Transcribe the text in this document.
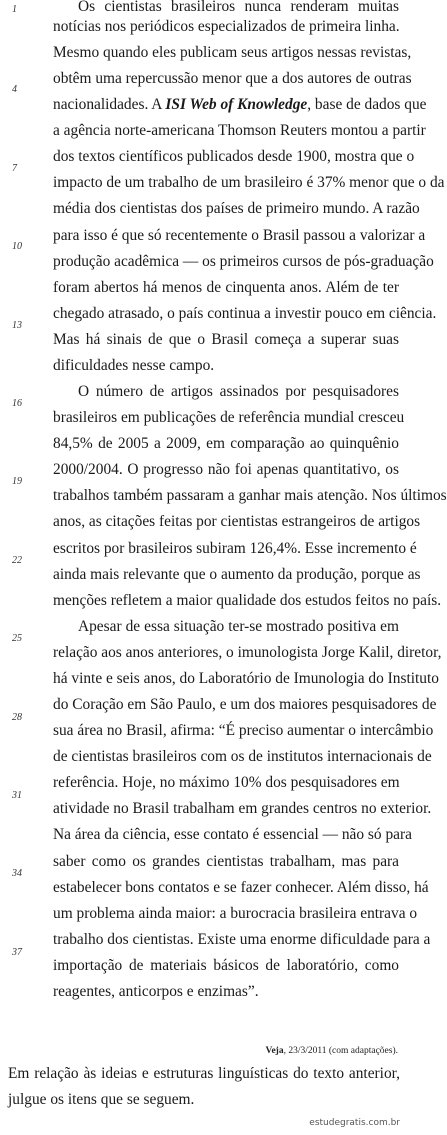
1
4
7
10
13
16
19
22
25
28
31
34
37
Os cientistas brasileiros nunca renderam muitas
notícias nos periódicos especializados de primeira linha.
Mesmo quando eles publicam seus artigos nessas revistas,
obtêm uma repercussão menor que a dos autores de outras
nacionalidades. A ISI Web of Knowledge, base de dados que
a agência norte-americana Thomson Reuters montou a partir
dos textos científicos publicados desde 1900, mostra que o
impacto de um trabalho de um brasileiro é 37% menor que o da
média dos cientistas dos países de primeiro mundo. A razão
para isso é que só recentemente o Brasil passou a valorizar a
produção acadêmica — os primeiros cursos de pós-graduação
foram abertos há menos de cinquenta anos. Além de ter
chegado atrasado, o país continua a investir pouco em ciência.
Mas há sinais de que o Brasil começa a superar suas
dificuldades nesse campo.
O número de artigos assinados por pesquisadores
brasileiros em publicações de referência mundial cresceu
84,5% de 2005 a 2009, em comparação ao quinquênio
2000/2004. O progresso não foi apenas quantitativo, os
trabalhos também passaram a ganhar mais atenção. Nos últimos
anos, as citações feitas por cientistas estrangeiros de artigos
escritos por brasileiros subiram 126,4%. Esse incremento é
ainda mais relevante que o aumento da produção, porque as
menções refletem a maior qualidade dos estudos feitos no país.
Apesar de essa situação ter-se mostrado positiva em
relação aos anos anteriores, o imunologista Jorge Kalil, diretor,
há vinte e seis anos, do Laboratório de Imunologia do Instituto
do Coração em São Paulo, e um dos maiores pesquisadores de
sua área no Brasil, afirma: “É preciso aumentar o intercâmbio
de cientistas brasileiros com os de institutos internacionais de
referência. Hoje, no máximo 10% dos pesquisadores em
atividade no Brasil trabalham em grandes centros no exterior.
Na área da ciência, esse contato é essencial — não só para
saber como os grandes cientistas trabalham, mas para
estabelecer bons contatos e se fazer conhecer. Além disso, há
um problema ainda maior: a burocracia brasileira entrava o
trabalho dos cientistas. Existe uma enorme dificuldade para a
importação de materiais básicos de laboratório, como
reagentes, anticorpos e enzimas”.
Veja, 23/3/2011 (com adaptações).
Em relação às ideias e estruturas linguísticas do texto anterior,
julgue os itens que se seguem.
estudegratis.com.br
